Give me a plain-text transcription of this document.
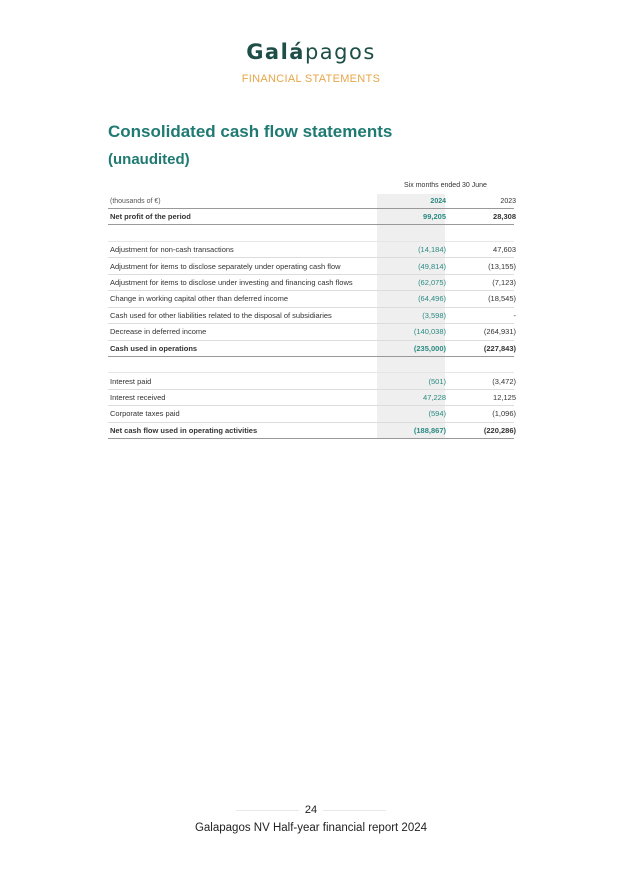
Galápagos
FINANCIAL STATEMENTS
Consolidated cash flow statements
(unaudited)
Six months ended 30 June
(thousands of €)	2024	2023
Net profit of the period	99,205	28,308
Adjustment for non-cash transactions	(14,184)	47,603
Adjustment for items to disclose separately under operating cash flow	(49,814)	(13,155)
Adjustment for items to disclose under investing and financing cash flows	(62,075)	(7,123)
Change in working capital other than deferred income	(64,496)	(18,545)
Cash used for other liabilities related to the disposal of subsidiaries	(3,598)	-
Decrease in deferred income	(140,038)	(264,931)
Cash used in operations	(235,000)	(227,843)
Interest paid	(501)	(3,472)
Interest received	47,228	12,125
Corporate taxes paid	(594)	(1,096)
Net cash flow used in operating activities	(188,867)	(220,286)
24
Galapagos NV Half-year financial report 2024
